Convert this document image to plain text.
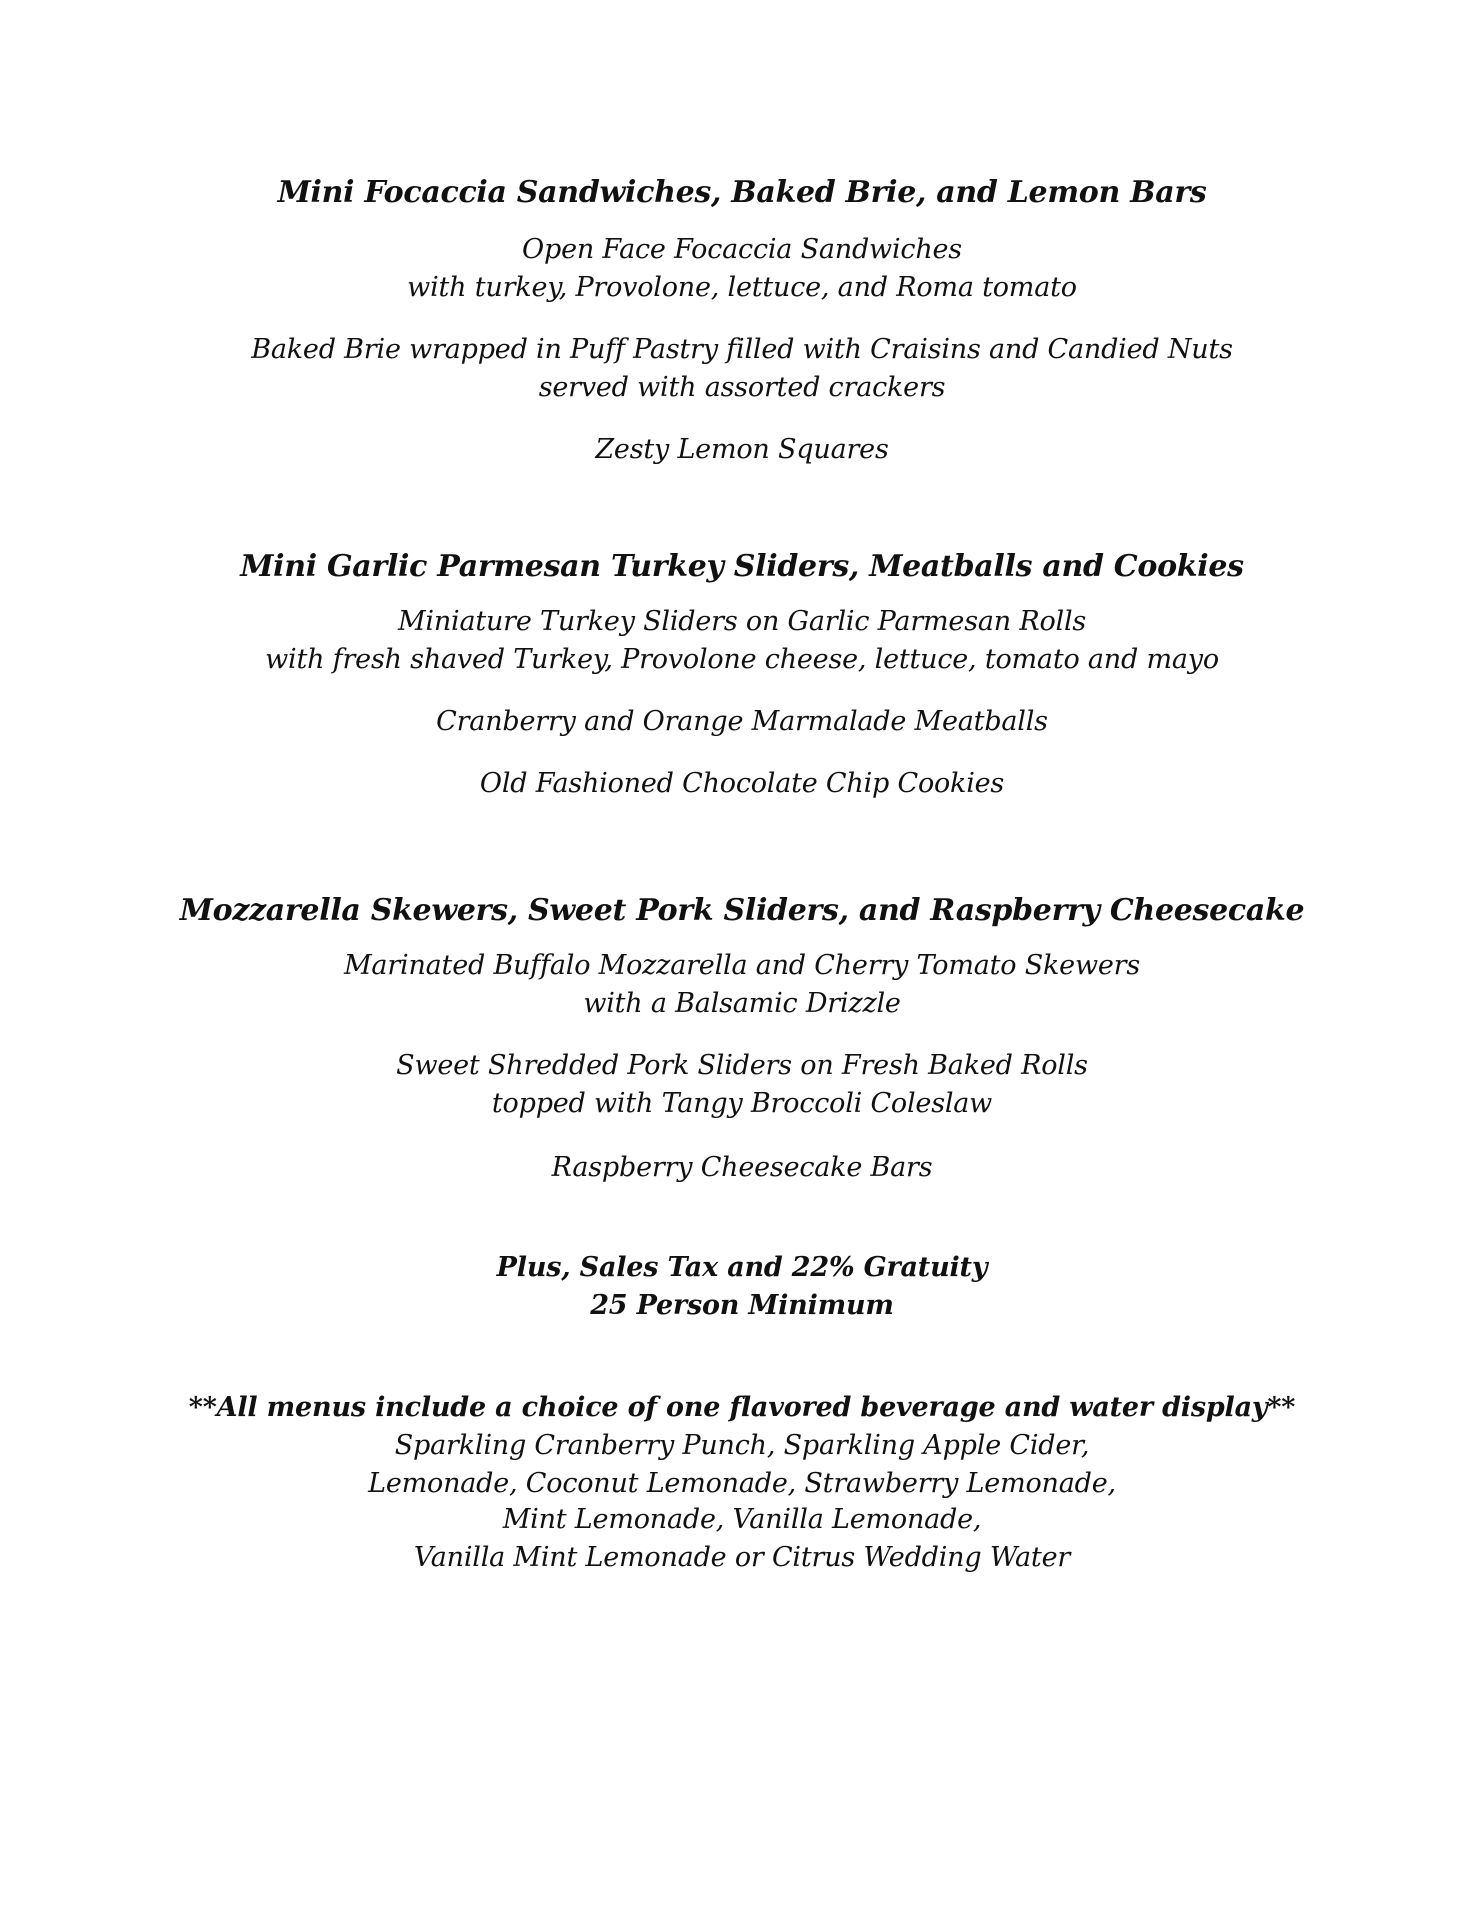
Mini Focaccia Sandwiches, Baked Brie, and Lemon Bars
Open Face Focaccia Sandwiches
with turkey, Provolone, lettuce, and Roma tomato
Baked Brie wrapped in Puff Pastry filled with Craisins and Candied Nuts
served with assorted crackers
Zesty Lemon Squares
Mini Garlic Parmesan Turkey Sliders, Meatballs and Cookies
Miniature Turkey Sliders on Garlic Parmesan Rolls
with fresh shaved Turkey, Provolone cheese, lettuce, tomato and mayo
Cranberry and Orange Marmalade Meatballs
Old Fashioned Chocolate Chip Cookies
Mozzarella Skewers, Sweet Pork Sliders, and Raspberry Cheesecake
Marinated Buffalo Mozzarella and Cherry Tomato Skewers
with a Balsamic Drizzle
Sweet Shredded Pork Sliders on Fresh Baked Rolls
topped with Tangy Broccoli Coleslaw
Raspberry Cheesecake Bars
Plus, Sales Tax and 22% Gratuity
25 Person Minimum
**All menus include a choice of one flavored beverage and water display**
Sparkling Cranberry Punch, Sparkling Apple Cider,
Lemonade, Coconut Lemonade, Strawberry Lemonade,
Mint Lemonade, Vanilla Lemonade,
Vanilla Mint Lemonade or Citrus Wedding Water
